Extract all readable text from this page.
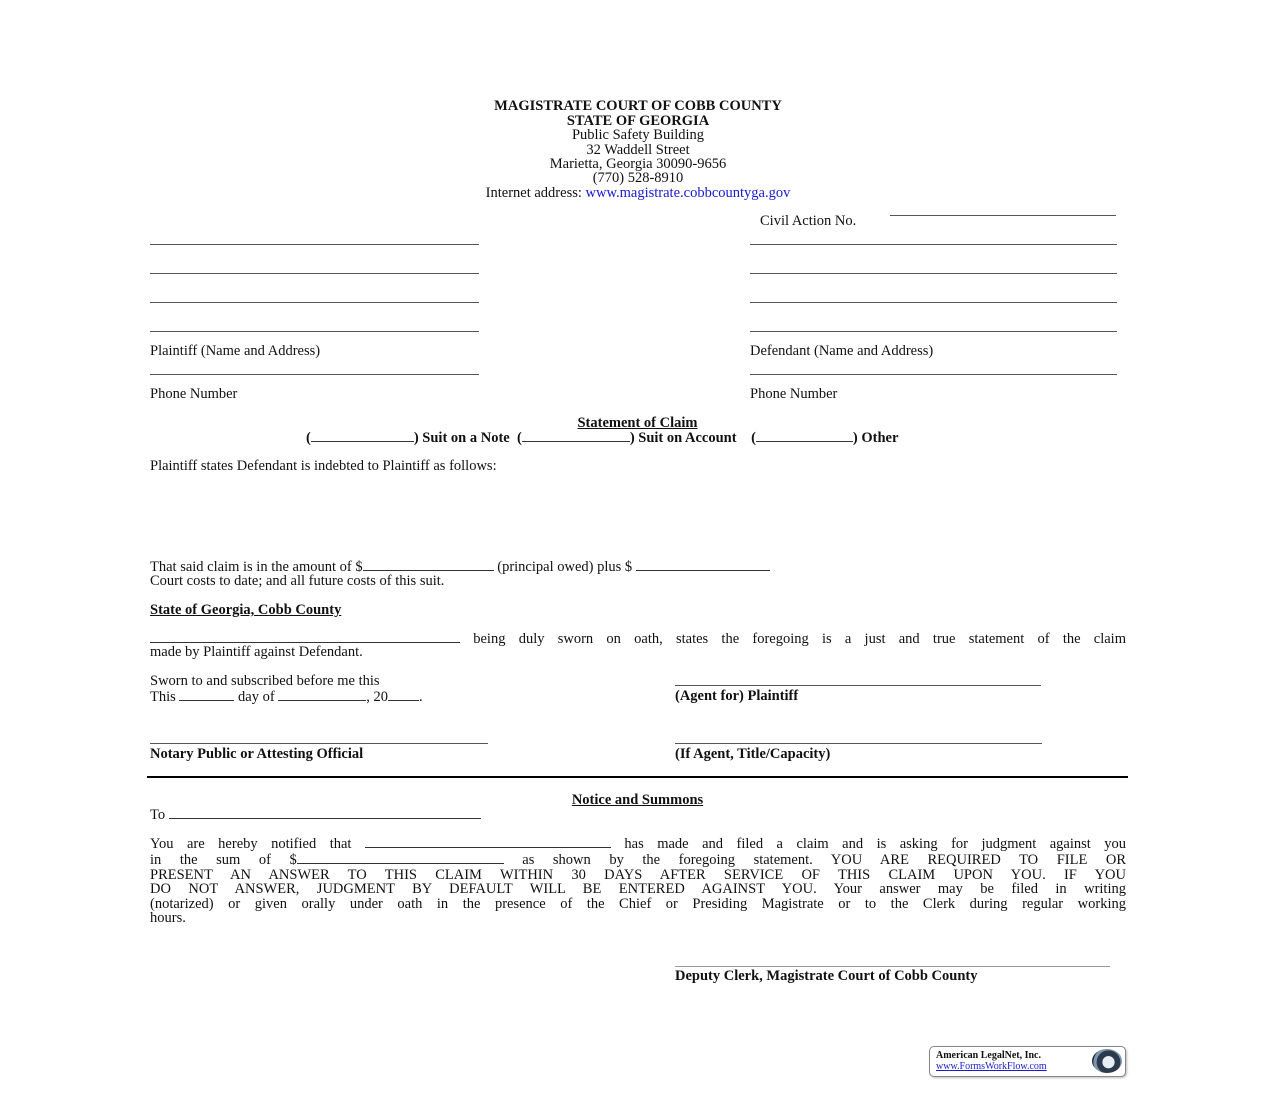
MAGISTRATE COURT OF COBB COUNTY
STATE OF GEORGIA
Public Safety Building
32 Waddell Street
Marietta, Georgia 30090-9656
(770) 528-8910
Internet address: www.magistrate.cobbcountyga.gov
Civil Action No.
Plaintiff (Name and Address)
Phone Number
Defendant (Name and Address)
Phone Number
Statement of Claim
(	) Suit on a Note (	) Suit on Account (	) Other
Plaintiff states Defendant is indebted to Plaintiff as follows:
That said claim is in the amount of $	(principal owed) plus $
Court costs to date; and all future costs of this suit.
State of Georgia, Cobb County
being duly sworn on oath, states the foregoing is a just and true statement of the claim
made by Plaintiff against Defendant.
Sworn to and subscribed before me this
This	day of	, 20 .	(Agent for) Plaintiff
Notary Public or Attesting Official	(If Agent, Title/Capacity)
Notice and Summons
To
You are hereby notified that	has made and filed a claim and is asking for judgment against you
in the sum of $	as shown by the foregoing statement. YOU ARE REQUIRED TO FILE OR
PRESENT AN ANSWER TO THIS CLAIM WITHIN 30 DAYS AFTER SERVICE OF THIS CLAIM UPON YOU. IF YOU
DO NOT ANSWER, JUDGMENT BY DEFAULT WILL BE ENTERED AGAINST YOU. Your answer may be filed in writing
(notarized) or given orally under oath in the presence of the Chief or Presiding Magistrate or to the Clerk during regular working
hours.
Deputy Clerk, Magistrate Court of Cobb County
American LegalNet, Inc.
www.FormsWorkFlow.com
